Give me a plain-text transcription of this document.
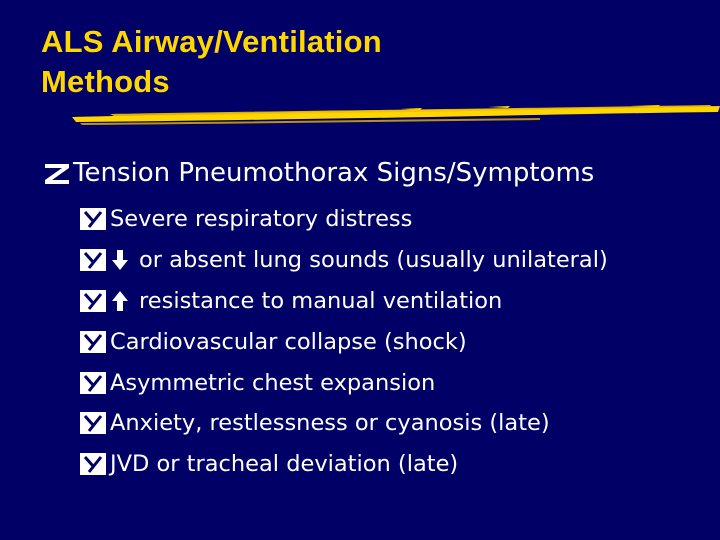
ALS Airway/Ventilation
Methods
Tension Pneumothorax Signs/Symptoms
Severe respiratory distress
or absent lung sounds (usually unilateral)
resistance to manual ventilation
Cardiovascular collapse (shock)
Asymmetric chest expansion
Anxiety, restlessness or cyanosis (late)
JVD or tracheal deviation (late)
